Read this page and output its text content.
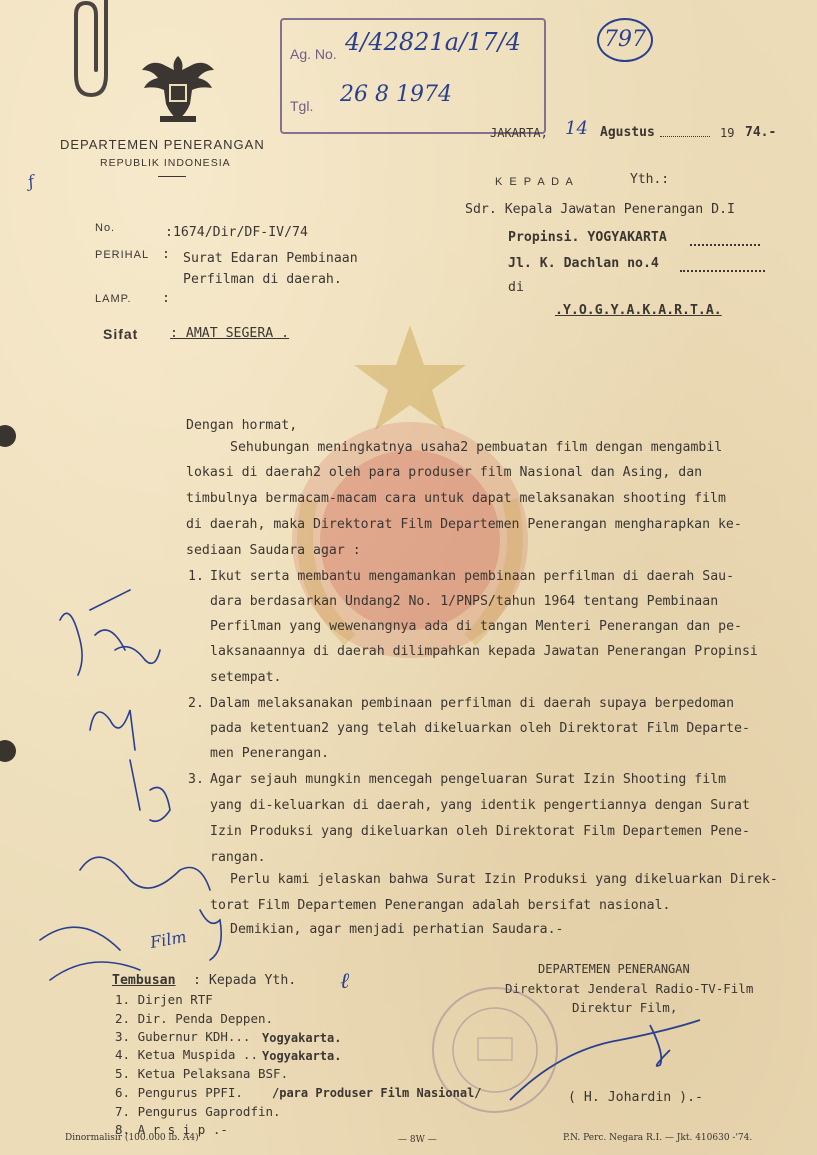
DEPARTEMEN PENERANGAN
REPUBLIK INDONESIA
Ag. No. 4/42821a/17/4
Tgl. 26 8 1974
797
JAKARTA, 14 Agustus	19 74.-
K E P A D A	Yth.:
Sdr. Kepala Jawatan Penerangan D.I
Propinsi. YOGYAKARTA
Jl. K. Dachlan no.4
di
.Y.O.G.Y.A.K.A.R.T.A.
ƒ
No.	:1674/Dir/DF-IV/74
PERIHAL : Surat Edaran Pembinaan
Perfilman di daerah.
LAMP. :
Sifat : AMAT SEGERA .
Dengan hormat,
Sehubungan meningkatnya usaha2 pembuatan film dengan mengambil
lokasi di daerah2 oleh para produser film Nasional dan Asing, dan
timbulnya bermacam-macam cara untuk dapat melaksanakan shooting film
di daerah, maka Direktorat Film Departemen Penerangan mengharapkan ke-
sediaan Saudara agar :
1. Ikut serta membantu mengamankan pembinaan perfilman di daerah Sau-
dara berdasarkan Undang2 No. 1/PNPS/tahun 1964 tentang Pembinaan
Perfilman yang wewenangnya ada di tangan Menteri Penerangan dan pe-
laksanaannya di daerah dilimpahkan kepada Jawatan Penerangan Propinsi
setempat.
2. Dalam melaksanakan pembinaan perfilman di daerah supaya berpedoman
pada ketentuan2 yang telah dikeluarkan oleh Direktorat Film Departe-
men Penerangan.
3. Agar sejauh mungkin mencegah pengeluaran Surat Izin Shooting film
yang di-keluarkan di daerah, yang identik pengertiannya dengan Surat
Izin Produksi yang dikeluarkan oleh Direktorat Film Departemen Pene-
rangan.
Perlu kami jelaskan bahwa Surat Izin Produksi yang dikeluarkan Direk-
torat Film Departemen Penerangan adalah bersifat nasional.
Demikian, agar menjadi perhatian Saudara.-
Film
DEPARTEMEN PENERANGAN
Direktorat Jenderal Radio-TV-Film
Direktur Film,
( H. Johardin ).-
Tembusan : Kepada Yth.
1. Dirjen RTF
2. Dir. Penda Deppen.
3. Gubernur KDH... Yogyakarta.
4. Ketua Muspida .. Yogyakarta.
5. Ketua Pelaksana BSF.
6. Pengurus PPFI. /para Produser Film Nasional/
7. Pengurus Gaprodfin.
8. A r s i p .-
ℓ
Dinormalisir (100.000 lb. A4)	— 8W —	P.N. Perc. Negara R.I. — Jkt. 410630 -'74.
